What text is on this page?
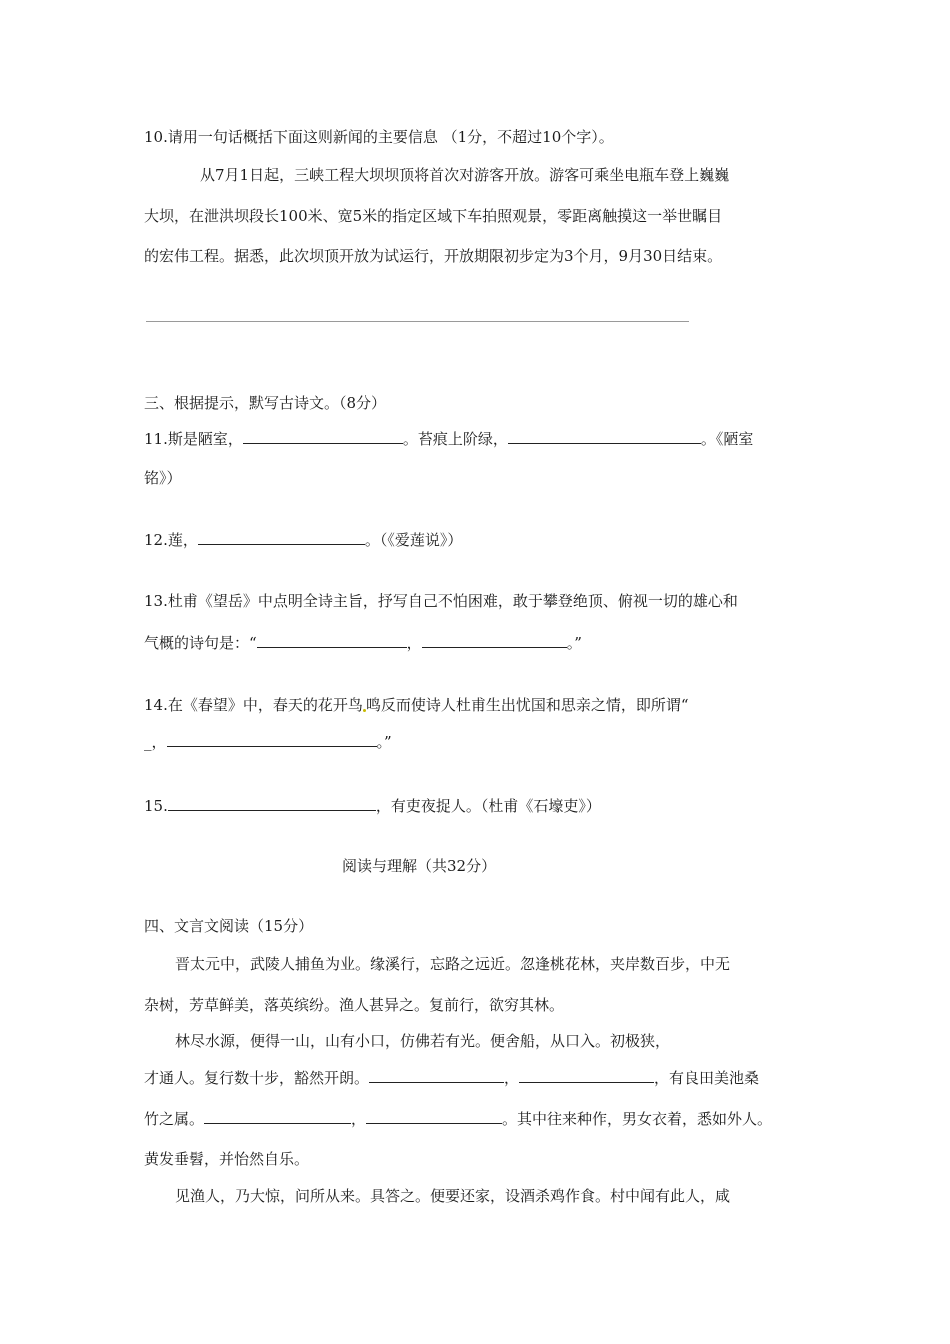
10.请用一句话概括下面这则新闻的主要信息 （1分，不超过10个字）。
从7月1日起，三峡工程大坝坝顶将首次对游客开放。游客可乘坐电瓶车登上巍巍
大坝，在泄洪坝段长100米、宽5米的指定区域下车拍照观景，零距离触摸这一举世瞩目
的宏伟工程。据悉，此次坝顶开放为试运行，开放期限初步定为3个月，9月30日结束。
三、根据提示，默写古诗文。（8分）
11.斯是陋室，	。苔痕上阶绿，	。《陋室
铭》）
12.莲，	。（《爱莲说》）
13.杜甫《望岳》中点明全诗主旨，抒写自己不怕困难，敢于攀登绝顶、俯视一切的雄心和
气概的诗句是：“	，	。”
14.在《春望》中，春天的花开鸟 鸣反而使诗人杜甫生出忧国和思亲之情，即所谓“
_，	。”
15.	，有吏夜捉人。（杜甫《石壕吏》）
阅读与理解（共32分）
四、文言文阅读（15分）
晋太元中，武陵人捕鱼为业。缘溪行，忘路之远近。忽逢桃花林，夹岸数百步，中无
杂树，芳草鲜美，落英缤纷。渔人甚异之。复前行，欲穷其林。
林尽水源，便得一山，山有小口，仿佛若有光。便舍船，从口入。初极狭，
才通人。复行数十步，豁然开朗。	，	，有良田美池桑
竹之属。	，	。其中往来种作，男女衣着，悉如外人。
黄发垂髫，并怡然自乐。
见渔人，乃大惊，问所从来。具答之。便要还家，设酒杀鸡作食。村中闻有此人，咸
